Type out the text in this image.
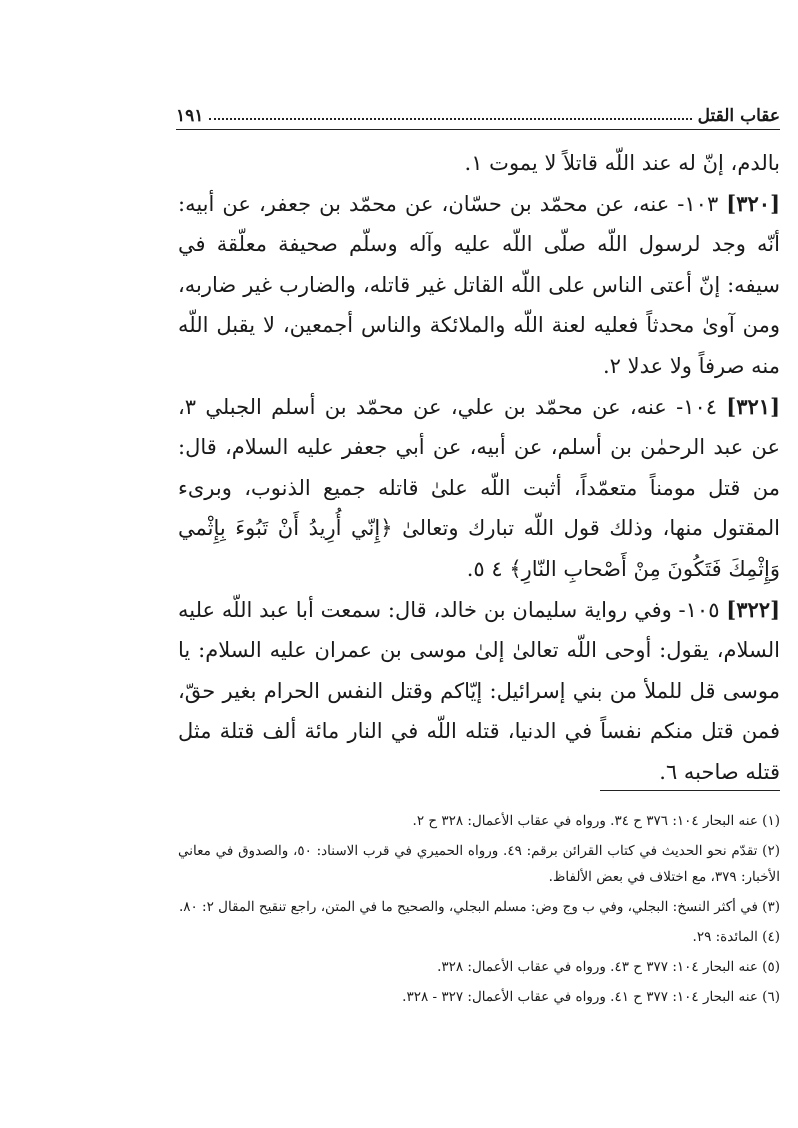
١٩١	عقاب القتل

بالدم، إنّ له عند اللّه قاتلاً لا يموت ١.

[٣٢٠] ١٠٣- عنه، عن محمّد بن حسّان، عن محمّد بن جعفر، عن أبيه: أنّه وجد لرسول اللّه صلّى اللّه عليه وآله وسلّم صحيفة معلّقة في سيفه: إنّ أعتى الناس على اللّه القاتل غير قاتله، والضارب غير ضاربه، ومن آوىٰ محدثاً فعليه لعنة اللّه والملائكة والناس أجمعين، لا يقبل اللّه منه صرفاً ولا عدلا ٢.

[٣٢١] ١٠٤- عنه، عن محمّد بن علي، عن محمّد بن أسلم الجبلي ٣، عن عبد الرحمٰن بن أسلم، عن أبيه، عن أبي جعفر عليه السلام، قال: من قتل مومناً متعمّداً، أثبت اللّه علىٰ قاتله جميع الذنوب، وبرىء المقتول منها، وذلك قول اللّه تبارك وتعالىٰ ﴿إِنّي أُرِيدُ أَنْ تَبُوءَ بِإِثْمي وَإِثْمِكَ فَتَكُونَ مِنْ أَصْحابِ النّارِ﴾ ٤ ٥.

[٣٢٢] ١٠٥- وفي رواية سليمان بن خالد، قال: سمعت أبا عبد اللّه عليه السلام، يقول: أوحى اللّه تعالىٰ إلىٰ موسى بن عمران عليه السلام: يا موسى قل للملأ من بني إسرائيل: إيّاكم وقتل النفس الحرام بغير حقّ، فمن قتل منكم نفساً في الدنيا، قتله اللّه في النار مائة ألف قتلة مثل قتله صاحبه ٦.

(١) عنه البحار ١٠٤: ٣٧٦ ح ٣٤. ورواه في عقاب الأعمال: ٣٢٨ ح ٢.

(٢) تقدّم نحو الحديث في كتاب القرائن برقم: ٤٩. ورواه الحميري في قرب الاسناد: ٥٠، والصدوق في معاني الأخبار: ٣٧٩، مع اختلاف في بعض الألفاظ.

(٣) في أكثر النسخ: البجلي، وفي ب وج وض: مسلم البجلي، والصحيح ما في المتن، راجع تنقيح المقال ٢: ٨٠.

(٤) المائدة: ٢٩.

(٥) عنه البحار ١٠٤: ٣٧٧ ح ٤٣. ورواه في عقاب الأعمال: ٣٢٨.

(٦) عنه البحار ١٠٤: ٣٧٧ ح ٤١. ورواه في عقاب الأعمال: ٣٢٧ - ٣٢٨.
